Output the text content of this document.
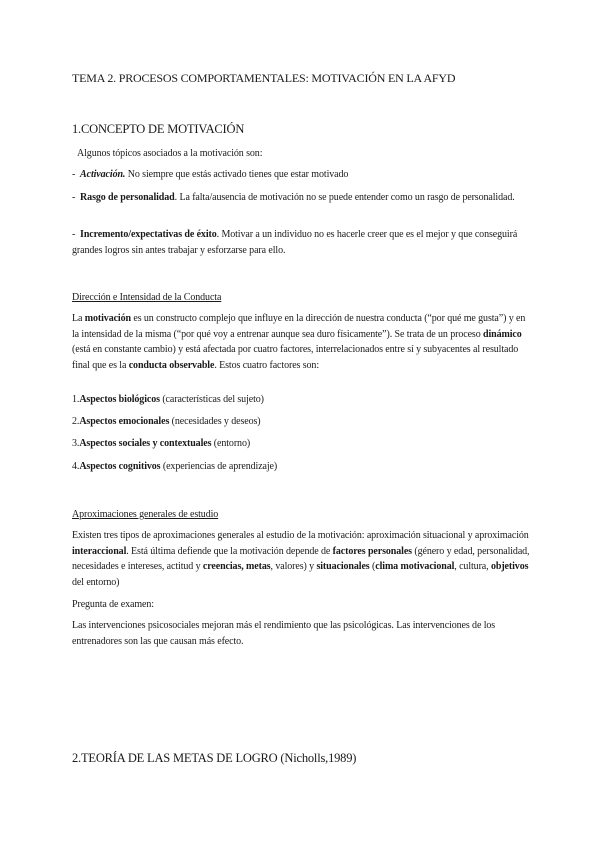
TEMA 2. PROCESOS COMPORTAMENTALES: MOTIVACIÓN EN LA AFYD

1.CONCEPTO DE MOTIVACIÓN

Algunos tópicos asociados a la motivación son:

- Activación. No siempre que estás activado tienes que estar motivado

- Rasgo de personalidad. La falta/ausencia de motivación no se puede entender como un rasgo de personalidad.

- Incremento/expectativas de éxito. Motivar a un individuo no es hacerle creer que es el mejor y que conseguirá grandes logros sin antes trabajar y esforzarse para ello.

Dirección e Intensidad de la Conducta

La motivación es un constructo complejo que influye en la dirección de nuestra conducta (“por qué me gusta”) y en la intensidad de la misma (“por qué voy a entrenar aunque sea duro físicamente”). Se trata de un proceso dinámico (está en constante cambio) y está afectada por cuatro factores, interrelacionados entre sí y subyacentes al resultado final que es la conducta observable. Estos cuatro factores son:

1.Aspectos biológicos (características del sujeto)

2.Aspectos emocionales (necesidades y deseos)

3.Aspectos sociales y contextuales (entorno)

4.Aspectos cognitivos (experiencias de aprendizaje)

Aproximaciones generales de estudio

Existen tres tipos de aproximaciones generales al estudio de la motivación: aproximación situacional y aproximación interaccional. Está última defiende que la motivación depende de factores personales (género y edad, personalidad, necesidades e intereses, actitud y creencias, metas, valores) y situacionales (clima motivacional, cultura, objetivos del entorno)

Pregunta de examen:

Las intervenciones psicosociales mejoran más el rendimiento que las psicológicas. Las intervenciones de los entrenadores son las que causan más efecto.

2.TEORÍA DE LAS METAS DE LOGRO (Nicholls,1989)
